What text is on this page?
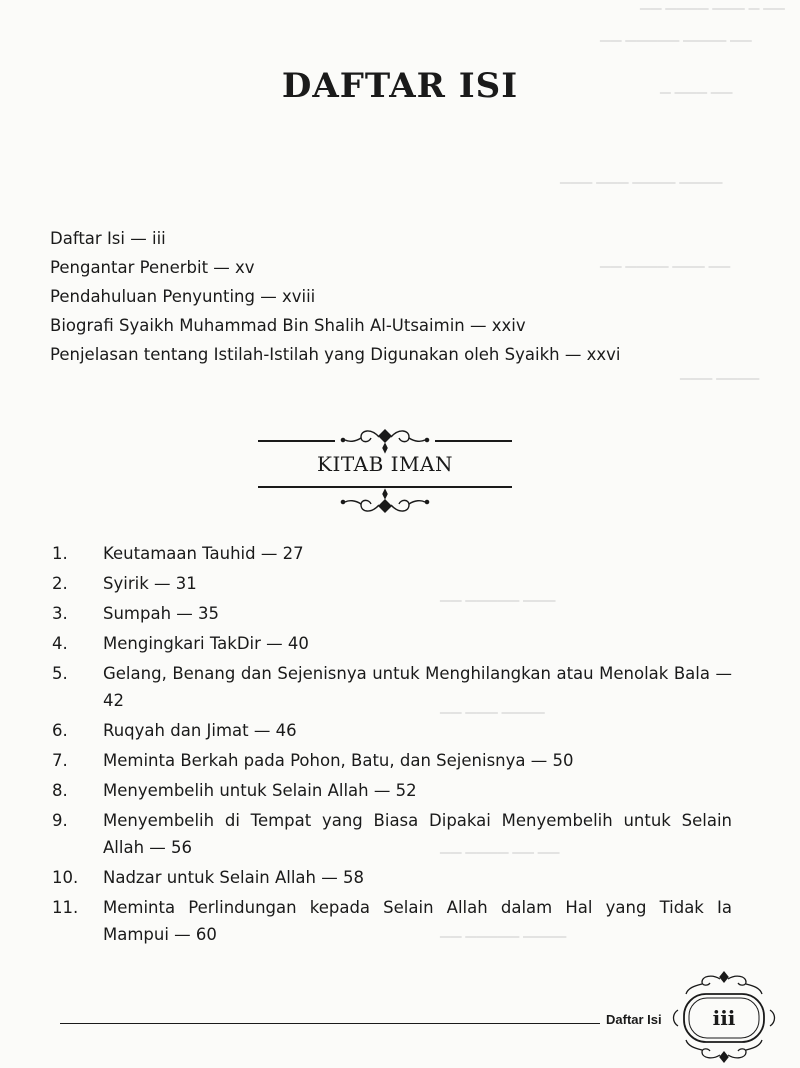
▔▔ ▔▔▔▔ ▔▔▔ ▔ ▔▔
▔▔ ▔▔▔▔▔ ▔▔▔▔ ▔▔
▔ ▔▔▔ ▔▔
▔▔▔ ▔▔▔ ▔▔▔▔ ▔▔▔▔
▔▔ ▔▔▔▔ ▔▔▔ ▔▔
▔▔▔ ▔▔▔▔
▔▔ ▔▔▔▔▔ ▔▔▔
▔▔ ▔▔▔ ▔▔▔▔
▔▔ ▔▔▔▔ ▔▔ ▔▔
▔▔ ▔▔▔▔▔ ▔▔▔▔
DAFTAR ISI
Daftar Isi — iii
Pengantar Penerbit — xv
Pendahuluan Penyunting — xviii
Biografi Syaikh Muhammad Bin Shalih Al-Utsaimin — xxiv
Penjelasan tentang Istilah-Istilah yang Digunakan oleh Syaikh — xxvi
KITAB IMAN
1. Keutamaan Tauhid — 27
2. Syirik — 31
3. Sumpah — 35
4. Mengingkari TakDir — 40
5. Gelang, Benang dan Sejenisnya untuk Menghilangkan atau Menolak Bala — 42
6. Ruqyah dan Jimat — 46
7. Meminta Berkah pada Pohon, Batu, dan Sejenisnya — 50
8. Menyembelih untuk Selain Allah — 52
9. Menyembelih di Tempat yang Biasa Dipakai Menyembelih untuk Selain Allah — 56
10. Nadzar untuk Selain Allah — 58
11. Meminta Perlindungan kepada Selain Allah dalam Hal yang Tidak Ia Mampui — 60
Daftar Isi	iii
